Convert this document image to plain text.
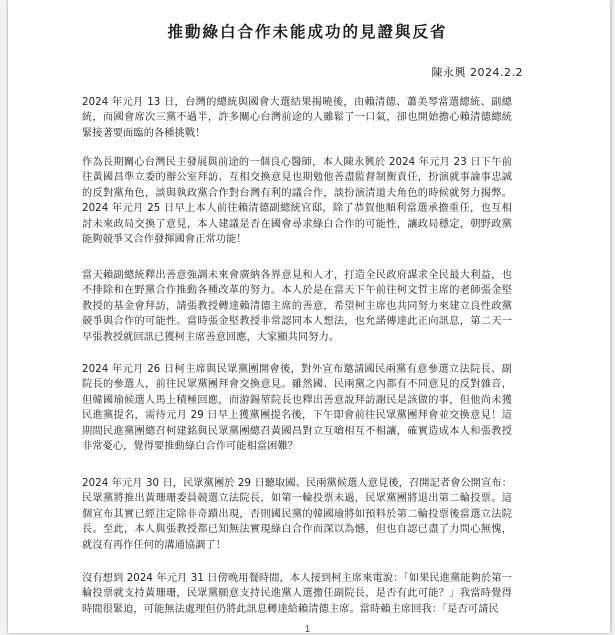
推動綠白合作未能成功的見證與反省
陳永興 2024.2.2
2024 年元月 13 日，台灣的總統與國會大選結果揭曉後，由賴清德、蕭美琴當選總統、副總統，而國會席次三黨不過半，許多關心台灣前途的人雖鬆了一口氣，卻也開始擔心賴清德總統緊接著要面臨的各種挑戰！
作為長期關心台灣民主發展與前途的一個良心醫師，本人陳永興於 2024 年元月 23 日下午前往黃國昌準立委的辦公室拜訪、互相交換意見也期勉他善盡監督制衡責任，扮演就事論事忠誠的反對黨角色，談與執政黨合作對台灣有利的議合作，談扮演清道夫角色的時候就努力揭弊。2024 年元月 25 日早上本人前往賴清德副總統官邸，除了恭賀他順利當選承擔重任，也互相討未來政局交換了意見，本人建議是否在國會尋求綠白合作的可能性，讓政局穩定，朝野政黨能夠競爭又合作發揮國會正常功能！
當天賴副總統釋出善意強調未來會廣納各界意見和人才，打造全民政府謀求全民最大利益，也不排除和在野黨合作推動各種改革的努力。本人於是在當天下午前往柯文哲主席的老師張金堅教授的基金會拜訪，請張教授轉達賴清德主席的善意，希望柯主席也共同努力來建立良性政黨競爭與合作的可能性。當時張金堅教授非常認同本人想法，也允諾傳達此正向訊息，第二天一早張教授就回訊已獲柯主席善意回應，大家顯共同努力。
2024 年元月 26 日柯主席與民眾黨團開會後，對外宣布邀請國民兩黨有意參選立法院長、副院長的參選人，前往民眾黨團拜會交換意見。雖然國、民兩黨之內都有不同意見的反對雜音，但韓國瑜候選人馬上積極回應，而游錫堃院長也釋出善意說拜訪謝民是該做的事，但他尚未獲民進黨提名，需待元月 29 日早上獲黨團提名後，下午即會前往民眾黨團拜會並交換意見！這期間民進黨團總召柯建銘與民眾黨團總召黃國昌對立互嗆相互不相讓，確實造成本人和張教授非常憂心，覺得要推動綠白合作可能相當困難？
2024 年元月 30 日，民眾黨團於 29 日聽取國、民兩黨候選人意見後，召開記者會公開宣布：民眾黨將推出黃珊珊委員競選立法院長，如第一輪投票未過，民眾黨團將退出第二輪投票。這個宣布其實已經注定除非奇蹟出現，否則國民黨的韓國瑜將如預料於第二輪投票後當選立法院長。至此，本人與張教授都已知無法實現綠白合作而深以為憾，但也自認已盡了力問心無愧，就沒有再作任何的溝通協調了！
沒有想到 2024 年元月 31 日傍晚用餐時間，本人接到柯主席來電說：「如果民進黨能夠於第一輪投票就支持黃珊珊，民眾黨願意支持民進黨人選擔任副院長，是否有此可能？」我當時覺得時間很緊迫，可能無法處理但仍將此訊息轉達給賴清德主席。當時賴主席回我：「是否可請民
1
